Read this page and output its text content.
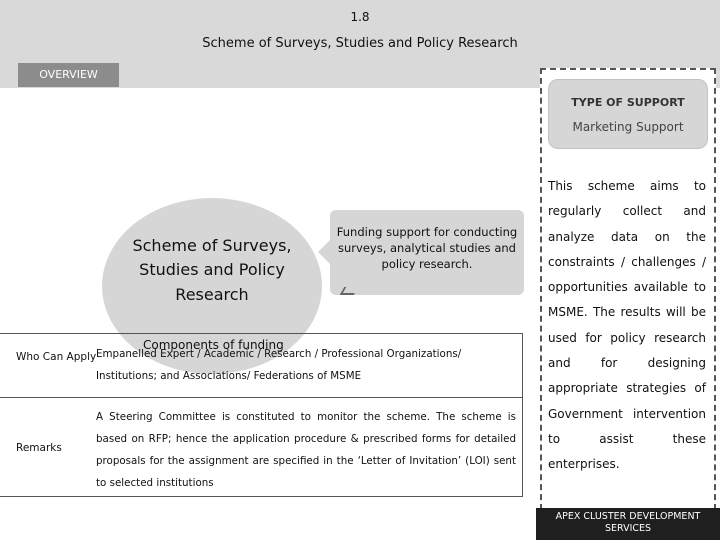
1.8
Scheme of Surveys, Studies and Policy Research
OVERVIEW
TYPE OF SUPPORT
Marketing Support
This scheme aims to regularly collect and analyze data on the constraints / challenges / opportunities available to MSME. The results will be used for policy research and for designing appropriate strategies of Government intervention to assist these enterprises.
Scheme of Surveys, Studies and Policy Research
Funding support for conducting surveys, analytical studies and policy research.
Who Can Apply Empanelled Expert / Academic / Research / Professional Organizations/ Institutions; and Associations/ Federations of MSME
Components of funding
Remarks
A Steering Committee is constituted to monitor the scheme. The scheme is based on RFP; hence the application procedure & prescribed forms for detailed proposals for the assignment are specified in the ‘Letter of Invitation’ (LOI) sent to selected institutions
APEX CLUSTER DEVELOPMENT SERVICES
